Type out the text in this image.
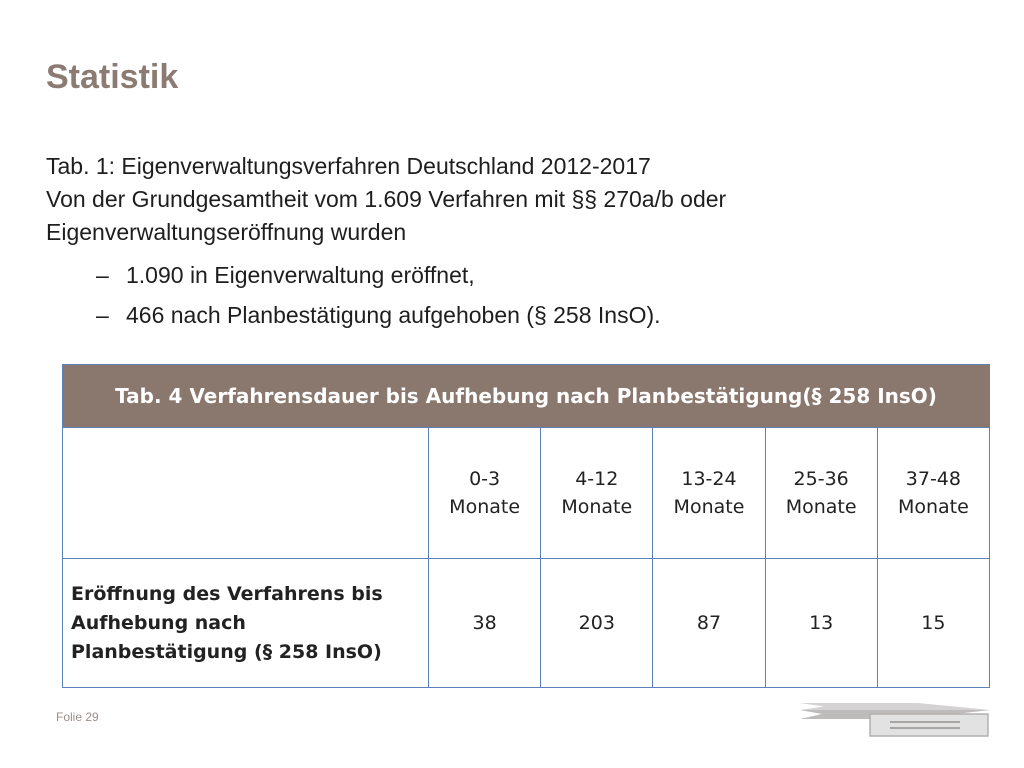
Statistik
Tab. 1: Eigenverwaltungsverfahren Deutschland 2012-2017
Von der Grundgesamtheit vom 1.609 Verfahren mit §§ 270a/b oder
Eigenverwaltungseröffnung wurden
– 1.090 in Eigenverwaltung eröffnet,
– 466 nach Planbestätigung aufgehoben (§ 258 InsO).
Tab. 4 Verfahrensdauer bis Aufhebung nach Planbestätigung(§ 258 InsO)					

	0-3
Monate	4-12
Monate	13-24
Monate	25-36
Monate	37-48
Monate

Eröffnung des Verfahrens bis
Aufhebung nach
Planbestätigung (§ 258 InsO)	38	203	87	13	15
Folie 29
